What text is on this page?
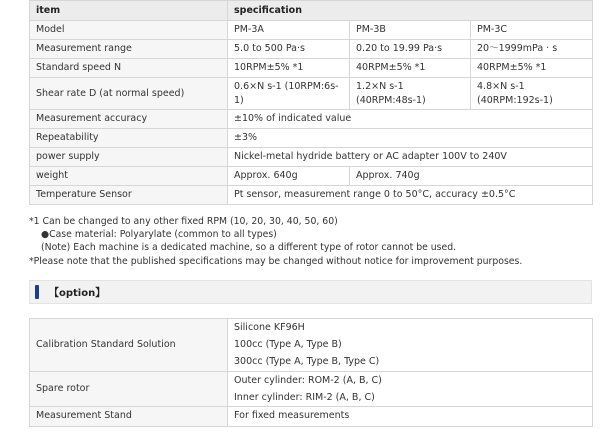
item	specification		
Model	PM-3A	PM-3B	PM-3C
Measurement range	5.0 to 500 Pa·s	0.20 to 19.99 Pa·s	20～1999mPa · s
Standard speed N	10RPM±5% *1	40RPM±5% *1	40RPM±5% *1
Shear rate D (at normal speed)	0.6×N s-1 (10RPM:6s-1)	1.2×N s-1 (40RPM:48s-1)	4.8×N s-1 (40RPM:192s-1)
Measurement accuracy	±10% of indicated value		
Repeatability	±3%		
power supply	Nickel-metal hydride battery or AC adapter 100V to 240V		
weight	Approx. 640g	Approx. 740g	
Temperature Sensor	Pt sensor, measurement range 0 to 50°C, accuracy ±0.5°C		
*1 Can be changed to any other fixed RPM (10, 20, 30, 40, 50, 60)
●Case material: Polyarylate (common to all types)
(Note) Each machine is a dedicated machine, so a different type of rotor cannot be used.
*Please note that the published specifications may be changed without notice for improvement purposes.
【option】
Calibration Standard Solution	Silicone KF96H
100cc (Type A, Type B)
300cc (Type A, Type B, Type C)

Spare rotor	Outer cylinder: ROM-2 (A, B, C)
Inner cylinder: RIM-2 (A, B, C)

Measurement Stand	For fixed measurements
